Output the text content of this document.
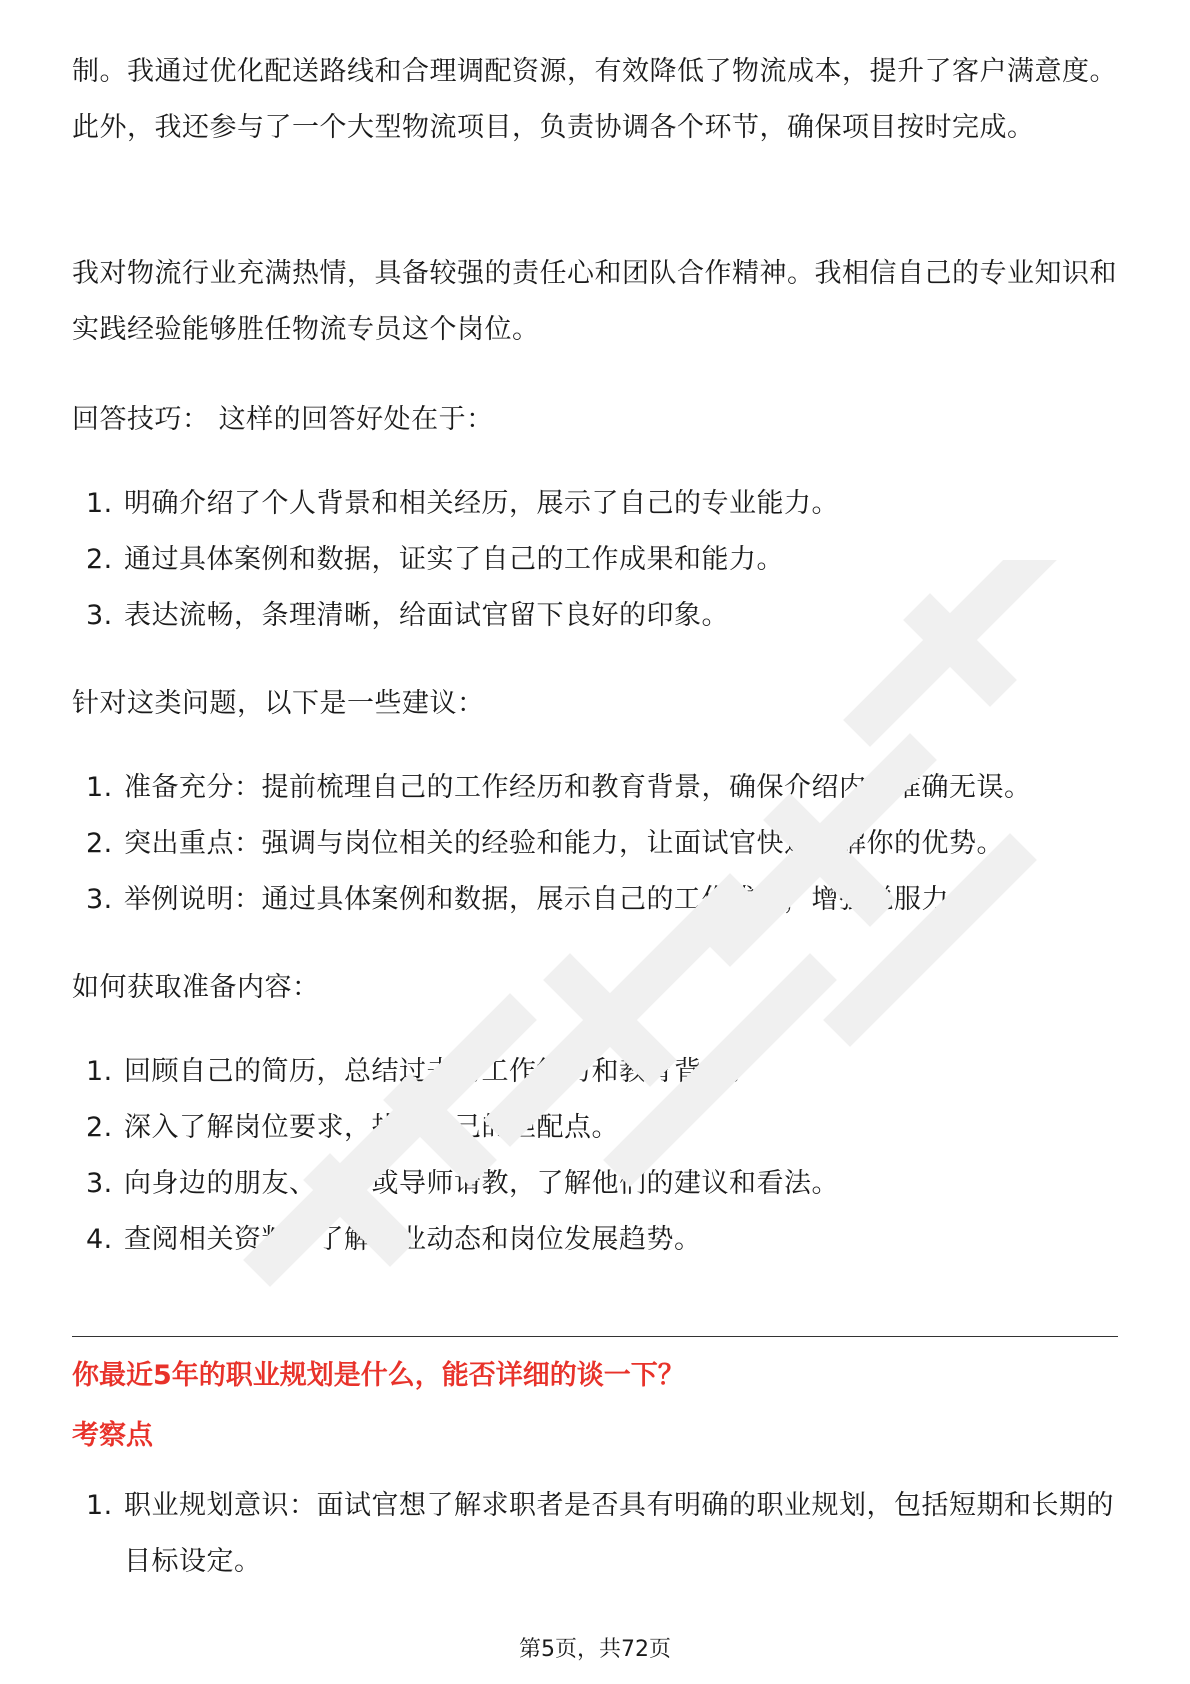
制。我通过优化配送路线和合理调配资源，有效降低了物流成本，提升了客户满意度。此外，我还参与了一个大型物流项目，负责协调各个环节，确保项目按时完成。

我对物流行业充满热情，具备较强的责任心和团队合作精神。我相信自己的专业知识和实践经验能够胜任物流专员这个岗位。

回答技巧： 这样的回答好处在于：

1. 明确介绍了个人背景和相关经历，展示了自己的专业能力。
2. 通过具体案例和数据，证实了自己的工作成果和能力。
3. 表达流畅，条理清晰，给面试官留下良好的印象。

针对这类问题，以下是一些建议：

1. 准备充分：提前梳理自己的工作经历和教育背景，确保介绍内容准确无误。
2. 突出重点：强调与岗位相关的经验和能力，让面试官快速了解你的优势。
3. 举例说明：通过具体案例和数据，展示自己的工作成果，增强说服力。

如何获取准备内容：

1. 回顾自己的简历，总结过去的工作经历和教育背景。
2. 深入了解岗位要求，找出自己的匹配点。
3. 向身边的朋友、同事或导师请教，了解他们的建议和看法。
4. 查阅相关资料，了解行业动态和岗位发展趋势。

你最近5年的职业规划是什么，能否详细的谈一下？

考察点

1. 职业规划意识：面试官想了解求职者是否具有明确的职业规划，包括短期和长期的目标设定。
第5页，共72页
